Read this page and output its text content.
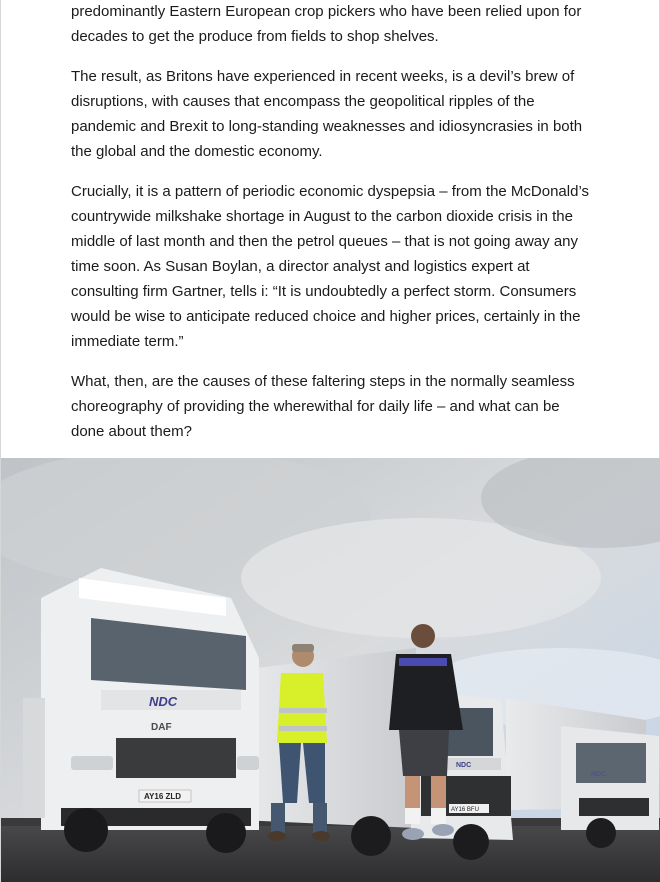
predominantly Eastern European crop pickers who have been relied upon for decades to get the produce from fields to shop shelves.

The result, as Britons have experienced in recent weeks, is a devil’s brew of disruptions, with causes that encompass the geopolitical ripples of the pandemic and Brexit to long-standing weaknesses and idiosyncrasies in both the global and the domestic economy.

Crucially, it is a pattern of periodic economic dyspepsia – from the McDonald’s countrywide milkshake shortage in August to the carbon dioxide crisis in the middle of last month and then the petrol queues – that is not going away any time soon. As Susan Boylan, a director analyst and logistics expert at consulting firm Gartner, tells i: “It is undoubtedly a perfect storm. Consumers would be wise to anticipate reduced choice and higher prices, certainly in the immediate term.”

What, then, are the causes of these faltering steps in the normally seamless choreography of providing the wherewithal for daily life – and what can be done about them?

NDC
NDC
AY16 BFU
NDC
DAF
AY16 ZLD
